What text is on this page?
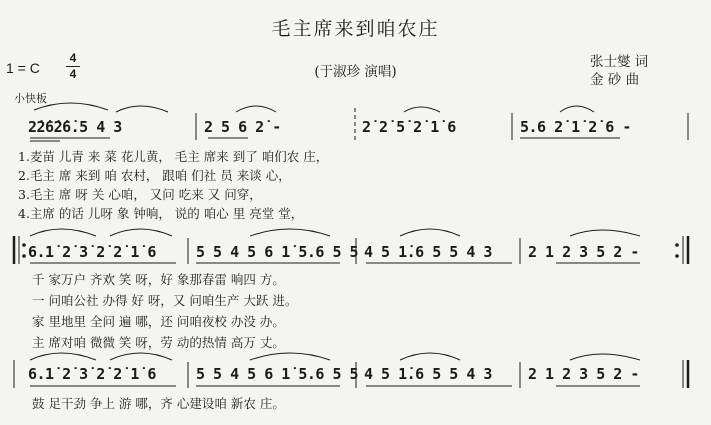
毛主席来到咱农庄
1 = C
4
4	(于淑珍 演唱)
张士燮 词
金 砂 曲
小快板
2̇2̇6̇2̇6̇.5 4 3	2 5 6 2̇ -	2̇ 2̇ 5̇ 2̇ 1̇ 6	5.6 2̇ 1̇ 2̇ 6 -
1.麦苗 儿青 来 菜 花儿黄， 毛主 席来 到了 咱们农 庄，
2.毛主 席 来到 咱 农村， 跟咱 们社 员 来谈 心，
3.毛主 席 呀 关 心咱， 又问 吃来 又 问穿，
4.主席 的话 儿呀 象 钟响， 说的 咱心 里 亮堂 堂，
6.1̇ 2̇ 3̇ 2̇ 2̇ 1̇ 6	5 5 4 5 6 1̇ 5.6 5 5 4 5 1̇.6 5 5 4 3 2 1 2 3 5 2 -
千 家万户 齐欢 笑 呀，好 象那春雷 响四 方。
一 问咱公社 办得 好 呀，又 问咱生产 大跃 进。
家 里地里 全问 遍 哪，还 问咱夜校 办没 办。
主 席对咱 微微 笑 呀，劳 动的热情 高万 丈。
6.1̇ 2̇ 3̇ 2̇ 2̇ 1̇ 6	5 5 4 5 6 1̇ 5.6 5 5 4 5 1̇.6 5 5 4 3 2 1 2 3 5 2 -
鼓 足干劲 争上 游 哪，齐 心建设咱 新农 庄。
